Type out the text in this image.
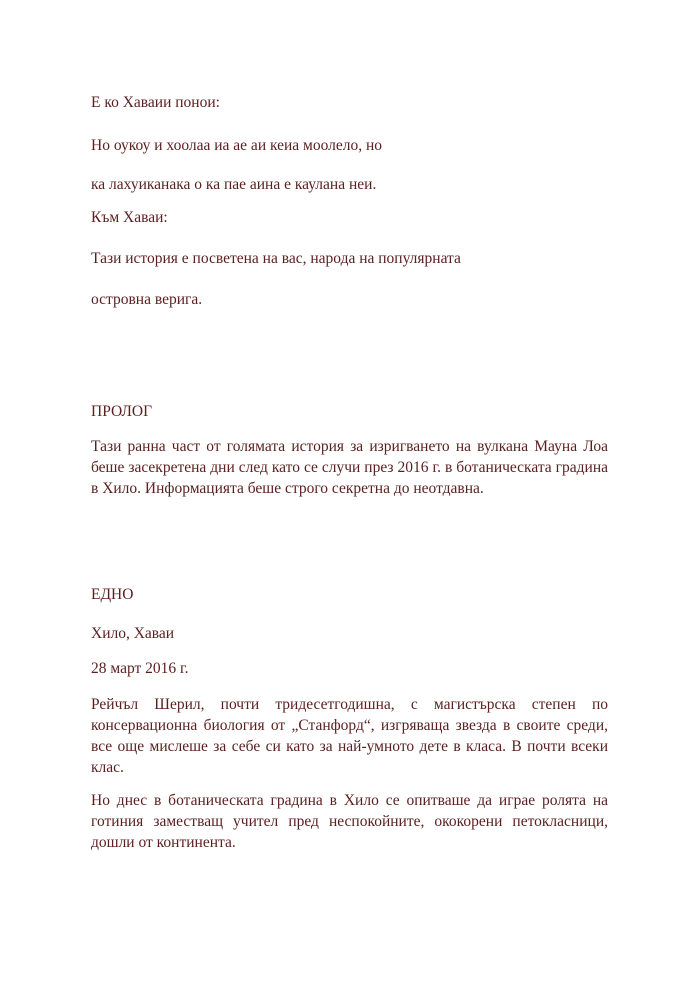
Е ко Хаваии понои:

Но оукоу и хоолаа иа ае аи кеиа моолело, но

ка лахуиканака о ка пае аина е каулана неи.

Към Хаваи:

Тази история е посветена на вас, народа на популярната

островна верига.

ПРОЛОГ

Тази ранна част от голямата история за изригването на вулкана Мауна Лоа беше засекретена дни след като се случи през 2016 г. в ботаническата градина в Хило. Информацията беше строго секретна до неотдавна.

ЕДНО

Хило, Хаваи

28 март 2016 г.

Рейчъл Шерил, почти тридесетгодишна, с магистърска степен по консервационна биология от „Станфорд“, изгряваща звезда в своите среди, все още мислеше за себе си като за най-умното дете в класа. В почти всеки клас.

Но днес в ботаническата градина в Хило се опитваше да играе ролята на готиния заместващ учител пред неспокойните, ококорени петокласници, дошли от континента.
